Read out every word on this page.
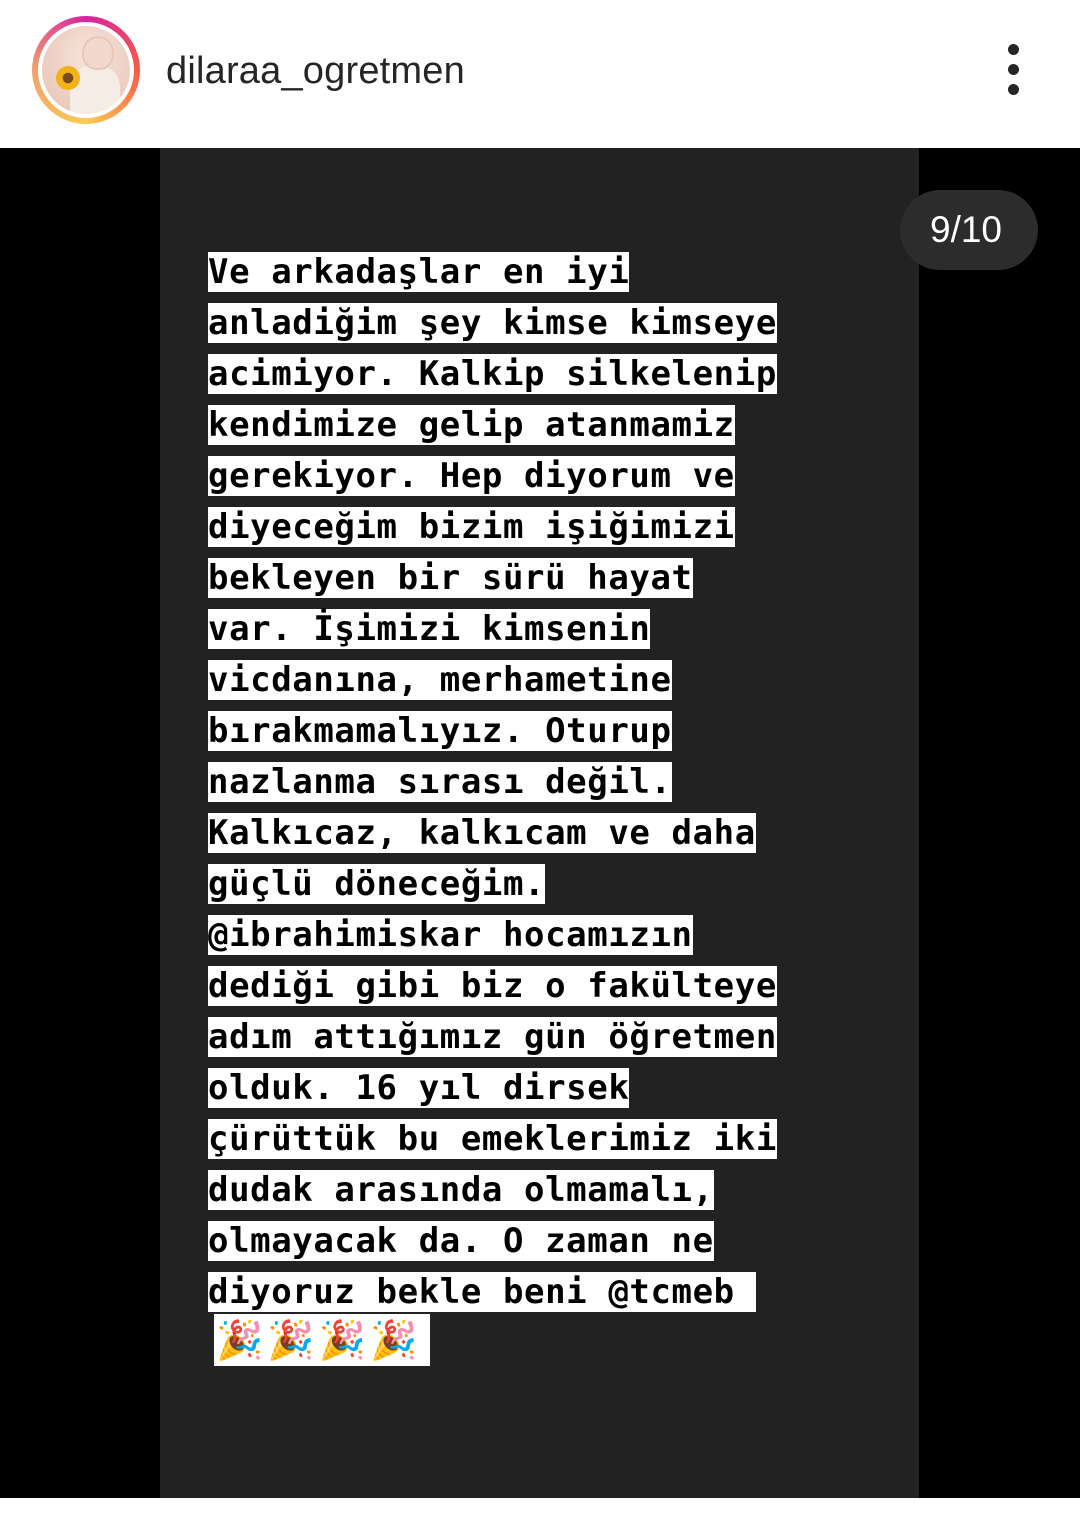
dilaraa_ogretmen
Ve arkadaşlar en iyi
anladiğim şey kimse kimseye
acimiyor. Kalkip silkelenip
kendimize gelip atanmamiz
gerekiyor. Hep diyorum ve
diyeceğim bizim işiğimizi
bekleyen bir sürü hayat
var. İşimizi kimsenin
vicdanına, merhametine
bırakmamalıyız. Oturup
nazlanma sırası değil.
Kalkıcaz, kalkıcam ve daha
güçlü döneceğim.
@ibrahimiskar hocamızın
dediği gibi biz o fakülteye
adım attığımız gün öğretmen
olduk. 16 yıl dirsek
çürüttük bu emeklerimiz iki
dudak arasında olmamalı,
olmayacak da. O zaman ne
diyoruz bekle beni @tcmeb
🎉🎉🎉🎉
9/10
